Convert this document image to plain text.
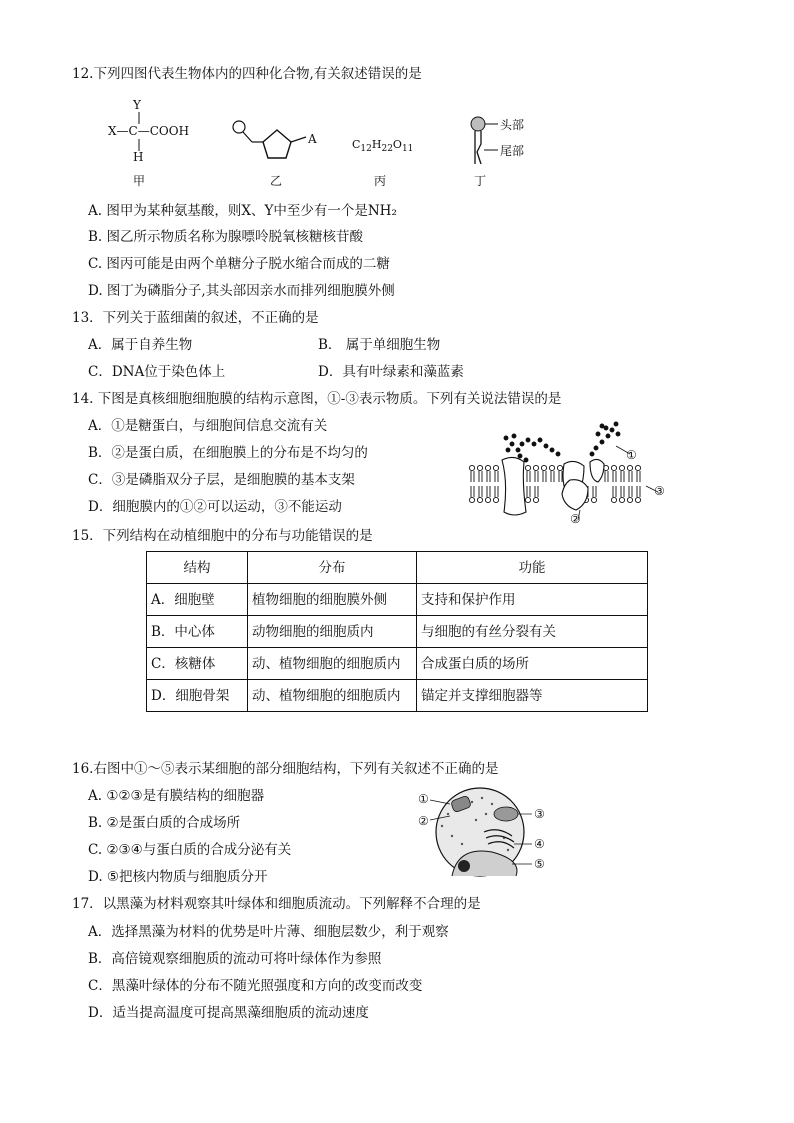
12.下列四图代表生物体内的四种化合物,有关叙述错误的是
Y
X—C—COOH
H
甲
A
乙
$C_{12}H_{22}O_{11}$
丙
头部
尾部
丁
A. 图甲为某种氨基酸，则X、Y中至少有一个是NH₂
B. 图乙所示物质名称为腺嘌呤脱氧核糖核苷酸
C. 图丙可能是由两个单糖分子脱水缩合而成的二糖
D. 图丁为磷脂分子,其头部因亲水而排列细胞膜外侧
13．下列关于蓝细菌的叙述，不正确的是
A．属于自养生物	B． 属于单细胞生物
C．DNA位于染色体上	D．具有叶绿素和藻蓝素
14. 下图是真核细胞细胞膜的结构示意图，①-③表示物质。下列有关说法错误的是
A．①是糖蛋白，与细胞间信息交流有关
B．②是蛋白质，在细胞膜上的分布是不均匀的
C．③是磷脂双分子层，是细胞膜的基本支架
D．细胞膜内的①②可以运动，③不能运动
①
②
③
15．下列结构在动植细胞中的分布与功能错误的是
结构	分布	功能
A．细胞壁	植物细胞的细胞膜外侧	支持和保护作用
B．中心体	动物细胞的细胞质内	与细胞的有丝分裂有关
C．核糖体	动、植物细胞的细胞质内	合成蛋白质的场所
D．细胞骨架	动、植物细胞的细胞质内	锚定并支撑细胞器等
16.右图中①～⑤表示某细胞的部分细胞结构，下列有关叙述不正确的是
A. ①②③是有膜结构的细胞器
B. ②是蛋白质的合成场所
C. ②③④与蛋白质的合成分泌有关
D. ⑤把核内物质与细胞质分开
①
②	③
④
⑤
17．以黑藻为材料观察其叶绿体和细胞质流动。下列解释不合理的是
A．选择黑藻为材料的优势是叶片薄、细胞层数少，利于观察
B．高倍镜观察细胞质的流动可将叶绿体作为参照
C．黑藻叶绿体的分布不随光照强度和方向的改变而改变
D．适当提高温度可提高黑藻细胞质的流动速度
